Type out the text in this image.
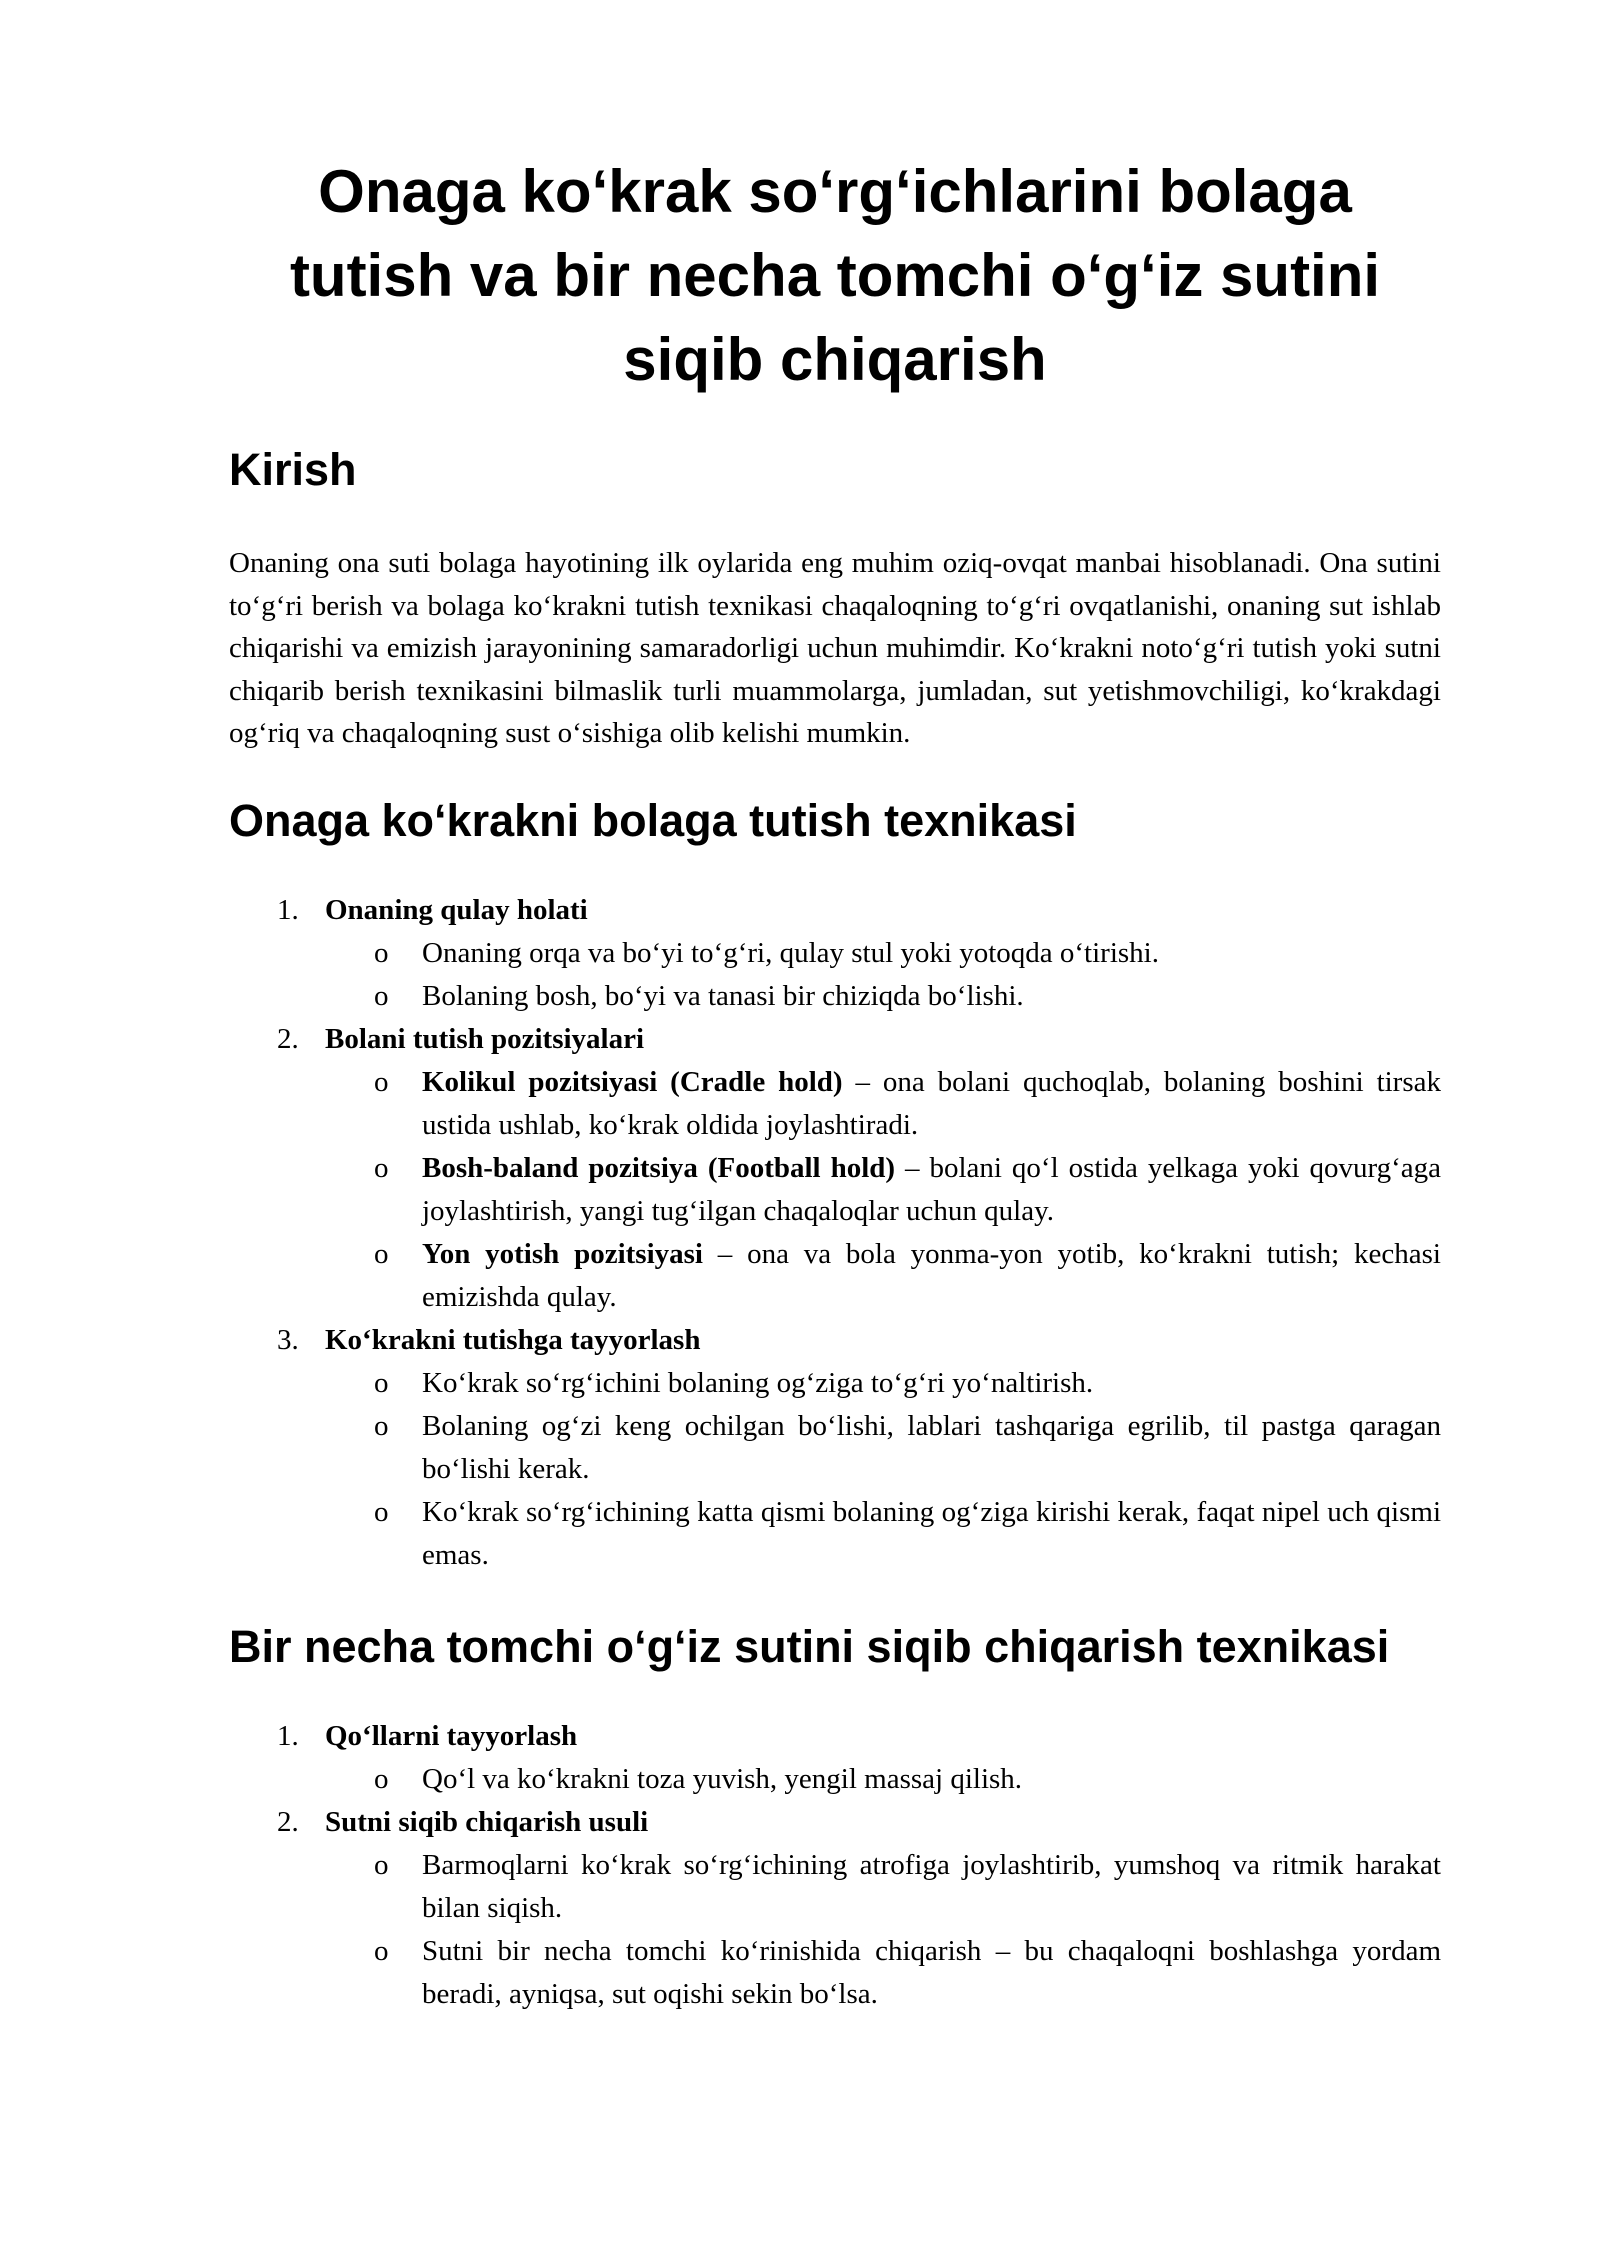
Onaga koʻkrak soʻrgʻichlarini bolaga tutish va bir necha tomchi oʻgʻiz sutini siqib chiqarish
Kirish

Onaning ona suti bolaga hayotining ilk oylarida eng muhim oziq-ovqat manbai hisoblanadi. Ona sutini toʻgʻri berish va bolaga koʻkrakni tutish texnikasi chaqaloqning toʻgʻri ovqatlanishi, onaning sut ishlab chiqarishi va emizish jarayonining samaradorligi uchun muhimdir. Koʻkrakni notoʻgʻri tutish yoki sutni chiqarib berish texnikasini bilmaslik turli muammolarga, jumladan, sut yetishmovchiligi, koʻkrakdagi ogʻriq va chaqaloqning sust oʻsishiga olib kelishi mumkin.

Onaga koʻkrakni bolaga tutish texnikasi
1. Onaning qulay holati
o	Onaning orqa va boʻyi toʻgʻri, qulay stul yoki yotoqda oʻtirishi.
o	Bolaning bosh, boʻyi va tanasi bir chiziqda boʻlishi.
2. Bolani tutish pozitsiyalari
o	Kolikul pozitsiyasi (Cradle hold) – ona bolani quchoqlab, bolaning boshini tirsak ustida ushlab, koʻkrak oldida joylashtiradi.
o	Bosh-baland pozitsiya (Football hold) – bolani qoʻl ostida yelkaga yoki qovurgʻaga joylashtirish, yangi tugʻilgan chaqaloqlar uchun qulay.
o	Yon yotish pozitsiyasi – ona va bola yonma-yon yotib, koʻkrakni tutish; kechasi emizishda qulay.
3. Koʻkrakni tutishga tayyorlash
o	Koʻkrak soʻrgʻichini bolaning ogʻziga toʻgʻri yoʻnaltirish.
o	Bolaning ogʻzi keng ochilgan boʻlishi, lablari tashqariga egrilib, til pastga qaragan boʻlishi kerak.
o	Koʻkrak soʻrgʻichining katta qismi bolaning ogʻziga kirishi kerak, faqat nipel uch qismi emas.
Bir necha tomchi oʻgʻiz sutini siqib chiqarish texnikasi
1. Qoʻllarni tayyorlash
o	Qoʻl va koʻkrakni toza yuvish, yengil massaj qilish.
2. Sutni siqib chiqarish usuli
o	Barmoqlarni koʻkrak soʻrgʻichining atrofiga joylashtirib, yumshoq va ritmik harakat bilan siqish.
o	Sutni bir necha tomchi koʻrinishida chiqarish – bu chaqaloqni boshlashga yordam beradi, ayniqsa, sut oqishi sekin boʻlsa.
